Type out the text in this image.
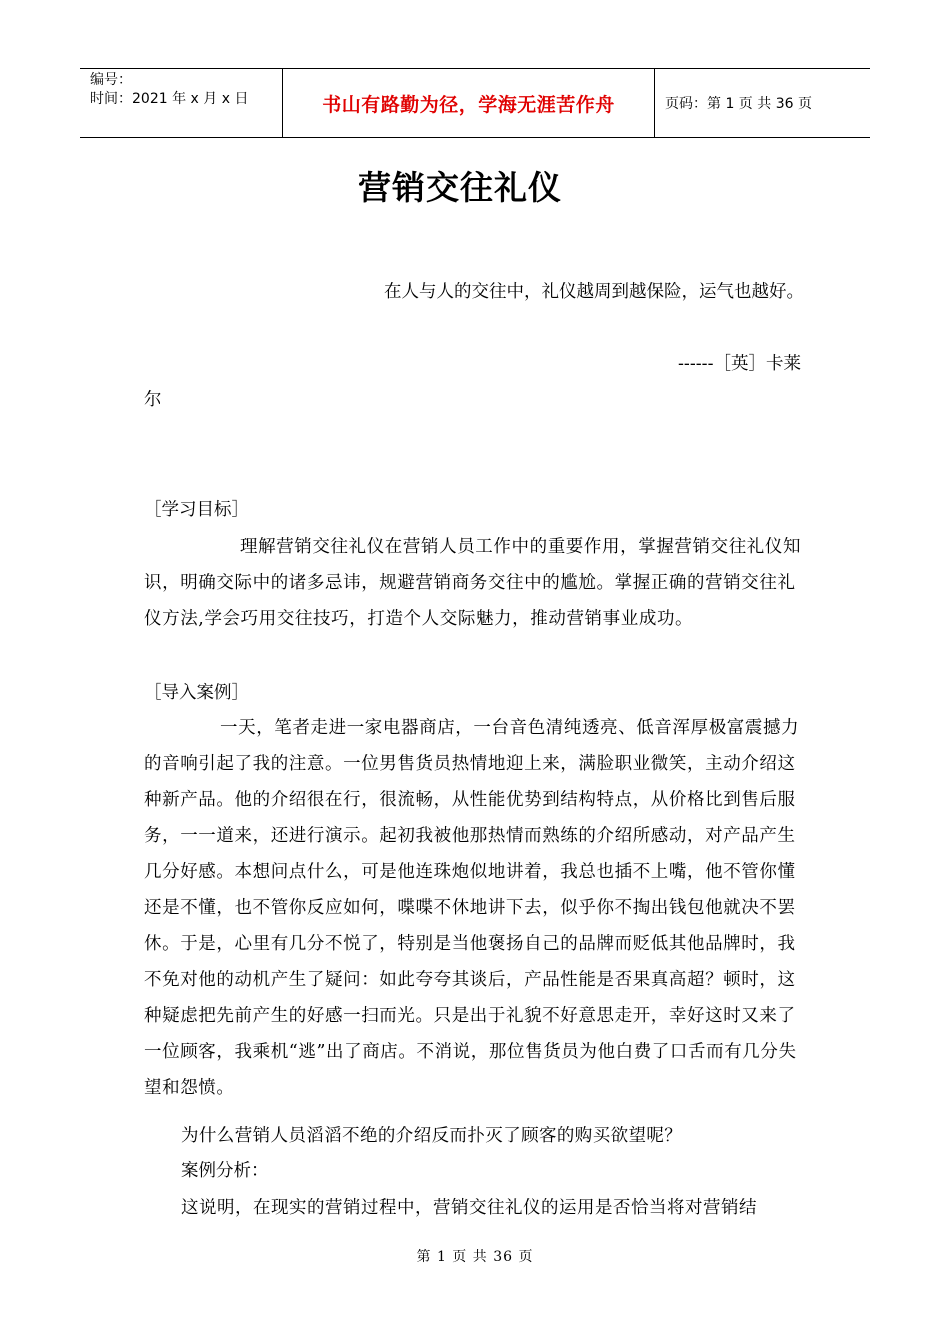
编号：
时间：2021 年 x 月 x 日	书山有路勤为径，学海无涯苦作舟	页码：第 1 页 共 36 页
营销交往礼仪

在人与人的交往中，礼仪越周到越保险，运气也越好。

------［英］卡莱尔

［学习目标］

理解营销交往礼仪在营销人员工作中的重要作用，掌握营销交往礼仪知识，明确交际中的诸多忌讳，规避营销商务交往中的尴尬。掌握正确的营销交往礼仪方法,学会巧用交往技巧，打造个人交际魅力，推动营销事业成功。

［导入案例］

一天，笔者走进一家电器商店，一台音色清纯透亮、低音浑厚极富震撼力的音响引起了我的注意。一位男售货员热情地迎上来，满脸职业微笑，主动介绍这种新产品。他的介绍很在行，很流畅，从性能优势到结构特点，从价格比到售后服务，一一道来，还进行演示。起初我被他那热情而熟练的介绍所感动，对产品产生几分好感。本想问点什么，可是他连珠炮似地讲着，我总也插不上嘴，他不管你懂还是不懂，也不管你反应如何，喋喋不休地讲下去，似乎你不掏出钱包他就决不罢休。于是，心里有几分不悦了，特别是当他褒扬自己的品牌而贬低其他品牌时，我不免对他的动机产生了疑问：如此夸夸其谈后，产品性能是否果真高超？顿时，这种疑虑把先前产生的好感一扫而光。只是出于礼貌不好意思走开，幸好这时又来了一位顾客，我乘机“逃”出了商店。不消说，那位售货员为他白费了口舌而有几分失望和怨愤。

为什么营销人员滔滔不绝的介绍反而扑灭了顾客的购买欲望呢？

案例分析：

这说明，在现实的营销过程中，营销交往礼仪的运用是否恰当将对营销结

第 1 页 共 36 页
